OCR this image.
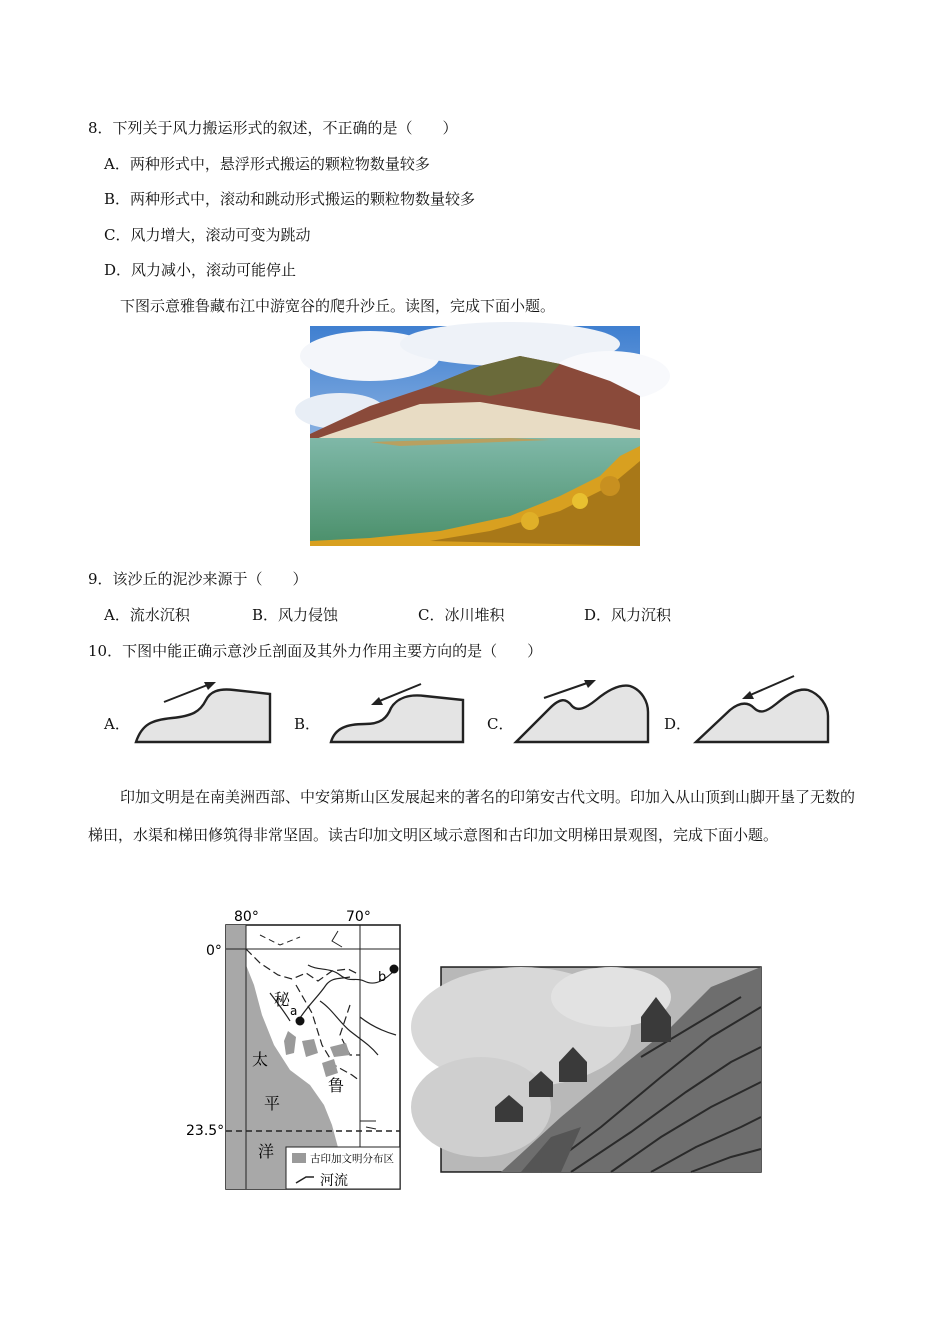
8．下列关于风力搬运形式的叙述，不正确的是（　　）
A．两种形式中，悬浮形式搬运的颗粒物数量较多
B．两种形式中，滚动和跳动形式搬运的颗粒物数量较多
C．风力增大，滚动可变为跳动
D．风力减小，滚动可能停止
下图示意雅鲁藏布江中游宽谷的爬升沙丘。读图，完成下面小题。
9．该沙丘的泥沙来源于（　　）
A．流水沉积	B．风力侵蚀	C．冰川堆积	D．风力沉积
10．下图中能正确示意沙丘剖面及其外力作用主要方向的是（　　）
A．	B．	C．	D．
印加文明是在南美洲西部、中安第斯山区发展起来的著名的印第安古代文明。印加入从山顶到山脚开垦了无数的梯田，水渠和梯田修筑得非常坚固。读古印加文明区域示意图和古印加文明梯田景观图，完成下面小题。
80°	70°
0°
23.5°
a
b
秘
鲁
太
平
洋	古印加文明分布区
河流
